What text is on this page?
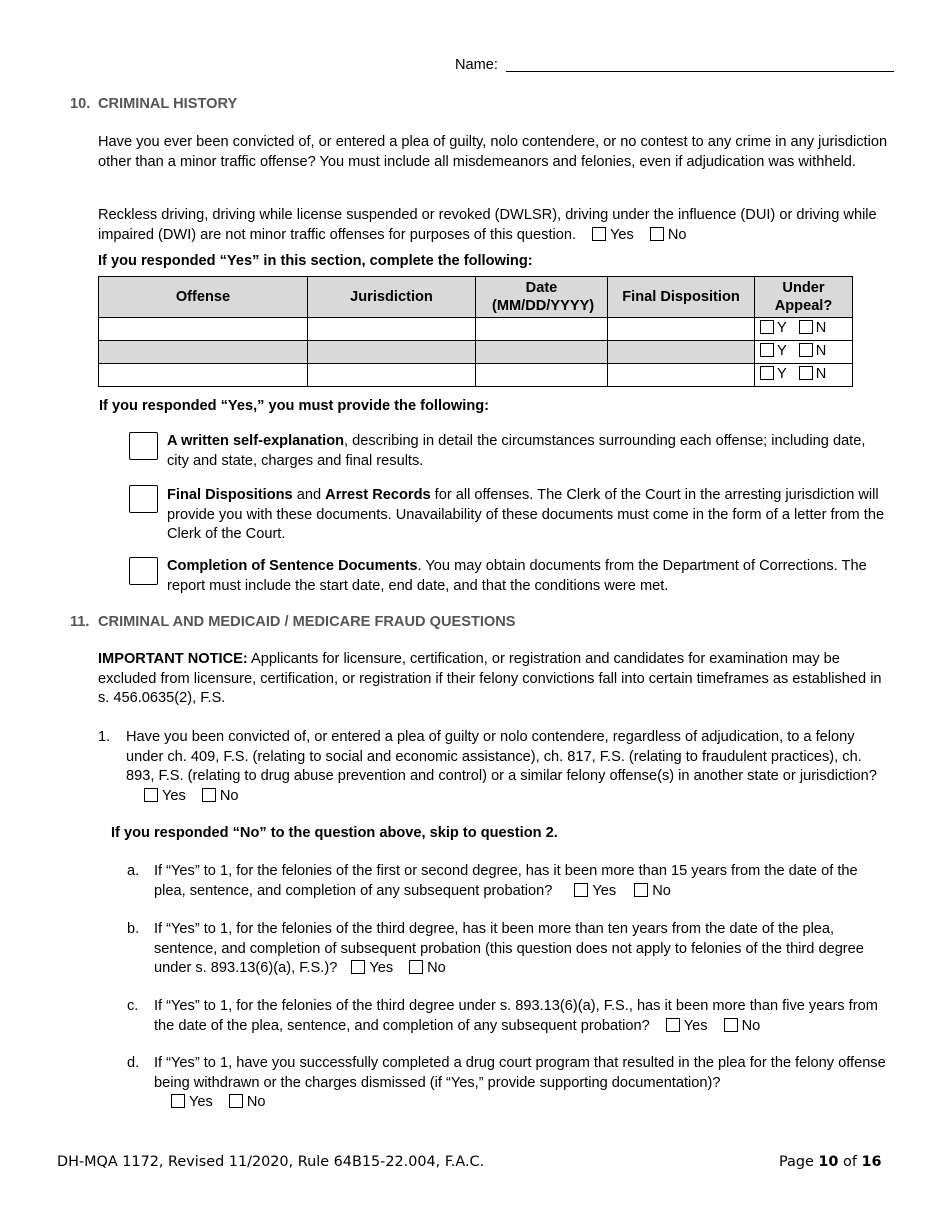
Name:
10. CRIMINAL HISTORY
Have you ever been convicted of, or entered a plea of guilty, nolo contendere, or no contest to any crime in any jurisdiction other than a minor traffic offense? You must include all misdemeanors and felonies, even if adjudication was withheld.
Reckless driving, driving while license suspended or revoked (DWLSR), driving under the influence (DUI) or driving while impaired (DWI) are not minor traffic offenses for purposes of this question. Yes No
If you responded “Yes” in this section, complete the following:
Offense	Jurisdiction	Date (MM/DD/YYYY)	Final Disposition	Under Appeal?
				Y N
				Y N
				Y N
If you responded “Yes,” you must provide the following:
A written self-explanation, describing in detail the circumstances surrounding each offense; including date, city and state, charges and final results.
Final Dispositions and Arrest Records for all offenses. The Clerk of the Court in the arresting jurisdiction will provide you with these documents. Unavailability of these documents must come in the form of a letter from the Clerk of the Court.
Completion of Sentence Documents. You may obtain documents from the Department of Corrections. The report must include the start date, end date, and that the conditions were met.
11. CRIMINAL AND MEDICAID / MEDICARE FRAUD QUESTIONS
IMPORTANT NOTICE: Applicants for licensure, certification, or registration and candidates for examination may be excluded from licensure, certification, or registration if their felony convictions fall into certain timeframes as established in s. 456.0635(2), F.S.
1. Have you been convicted of, or entered a plea of guilty or nolo contendere, regardless of adjudication, to a felony under ch. 409, F.S. (relating to social and economic assistance), ch. 817, F.S. (relating to fraudulent practices), ch. 893, F.S. (relating to drug abuse prevention and control) or a similar felony offense(s) in another state or jurisdiction?Yes No
If you responded “No” to the question above, skip to question 2.
a. If “Yes” to 1, for the felonies of the first or second degree, has it been more than 15 years from the date of the plea, sentence, and completion of any subsequent probation?	Yes No
b. If “Yes” to 1, for the felonies of the third degree, has it been more than ten years from the date of the plea, sentence, and completion of subsequent probation (this question does not apply to felonies of the third degree under s. 893.13(6)(a), F.S.)? Yes No
c. If “Yes” to 1, for the felonies of the third degree under s. 893.13(6)(a), F.S., has it been more than five years from the date of the plea, sentence, and completion of any subsequent probation? Yes No
d. If “Yes” to 1, have you successfully completed a drug court program that resulted in the plea for the felony offense being withdrawn or the charges dismissed (if “Yes,” provide supporting documentation)?
Yes No
DH-MQA 1172, Revised 11/2020, Rule 64B15-22.004, F.A.C.	Page 10 of 16
